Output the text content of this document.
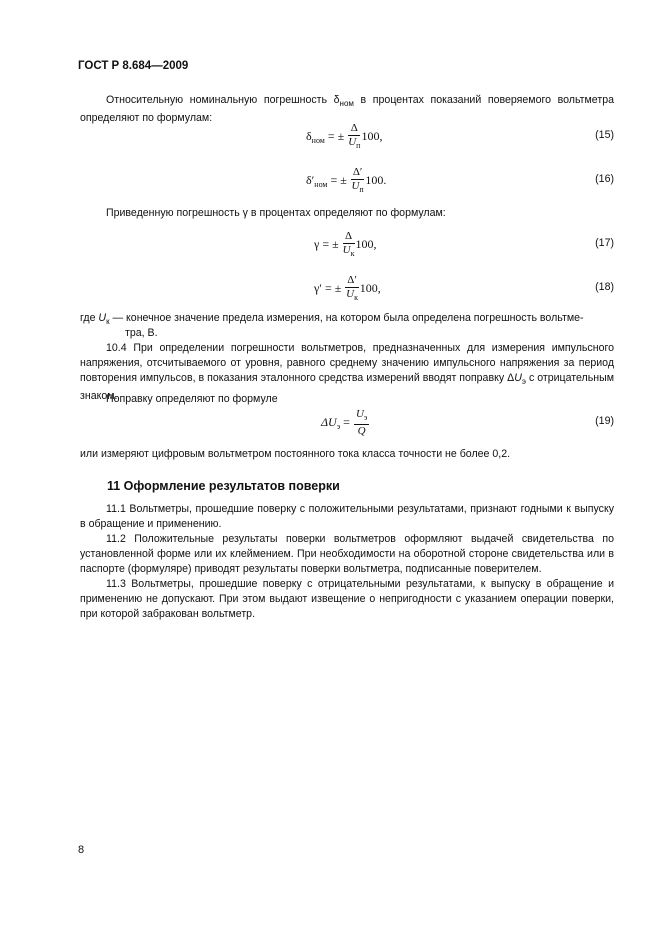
ГОСТ Р 8.684—2009
Относительную номинальную погрешность $\delta_{ном}$ в процентах показаний поверяемого вольтметра определяют по формулам:
$\delta_{ном}$ = ± $\frac{\Delta}{U_п} 100$,	(15)
$\delta'_{ном}$ = ± $\frac{\Delta'}{U_п} 100$.	(16)
Приведенную погрешность γ в процентах определяют по формулам:
γ = ± $\frac{\Delta}{U_к} 100$,	(17)
γ′ = ± $\frac{\Delta'}{U_к} 100$,	(18)
где $U_к$ — конечное значение предела измерения, на котором была определена погрешность вольтме-
тра, В.
10.4 При определении погрешности вольтметров, предназначенных для измерения импульсного напряжения, отсчитываемого от уровня, равного среднему значению импульсного напряжения за период повторения импульсов, в показания эталонного средства измерений вводят поправку $\Delta U_э$ с отрицательным знаком.
Поправку определяют по формуле
$\Delta U_э = \frac{U_э}{Q}$	(19)
или измеряют цифровым вольтметром постоянного тока класса точности не более 0,2.
11 Оформление результатов поверки
11.1 Вольтметры, прошедшие поверку с положительными результатами, признают годными к выпуску в обращение и применению.
11.2 Положительные результаты поверки вольтметров оформляют выдачей свидетельства по установленной форме или их клеймением. При необходимости на оборотной стороне свидетельства или в паспорте (формуляре) приводят результаты поверки вольтметра, подписанные поверителем.
11.3 Вольтметры, прошедшие поверку с отрицательными результатами, к выпуску в обращение и применению не допускают. При этом выдают извещение о непригодности с указанием операции поверки, при которой забракован вольтметр.
8
